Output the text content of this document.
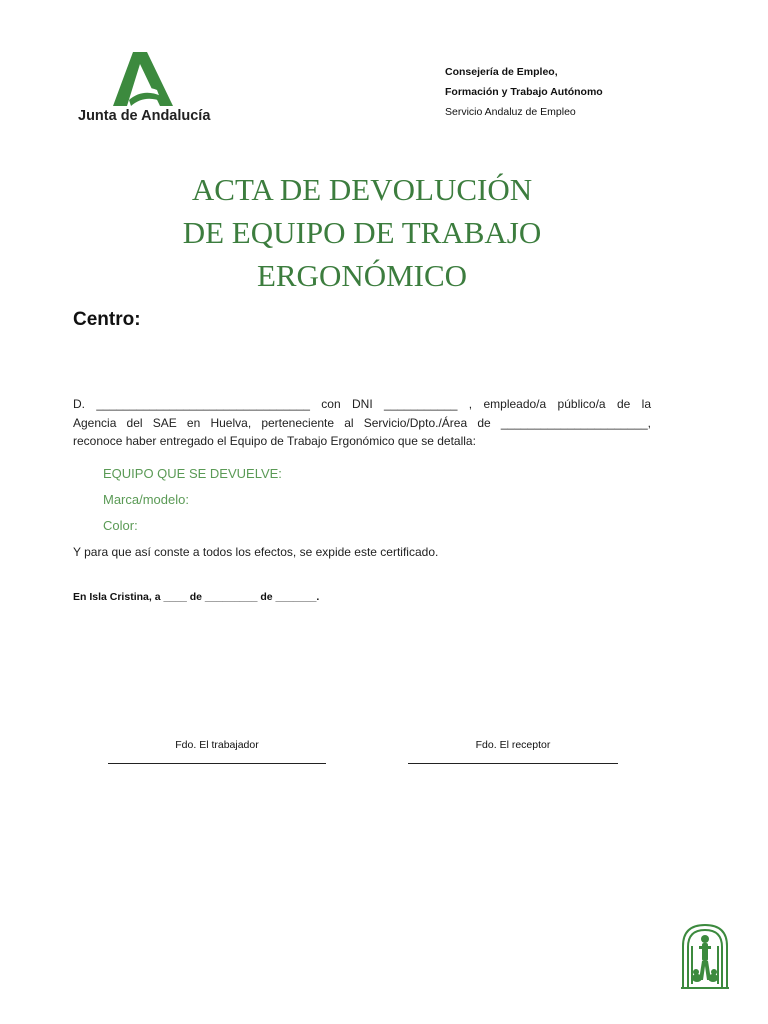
Junta de Andalucía
Consejería de Empleo,
Formación y Trabajo Autónomo
Servicio Andaluz de Empleo
ACTA DE DEVOLUCIÓN
DE EQUIPO DE TRABAJO
ERGONÓMICO
Centro:
D. ________________________________ con DNI ___________ , empleado/a público/a de la
Agencia del SAE en Huelva, perteneciente al Servicio/Dpto./Área de ______________________,
reconoce haber entregado el Equipo de Trabajo Ergonómico que se detalla:
EQUIPO QUE SE DEVUELVE:
Marca/modelo:
Color:
Y para que así conste a todos los efectos, se expide este certificado.
En Isla Cristina, a ____ de _________ de _______.
Fdo. El trabajador	Fdo. El receptor
